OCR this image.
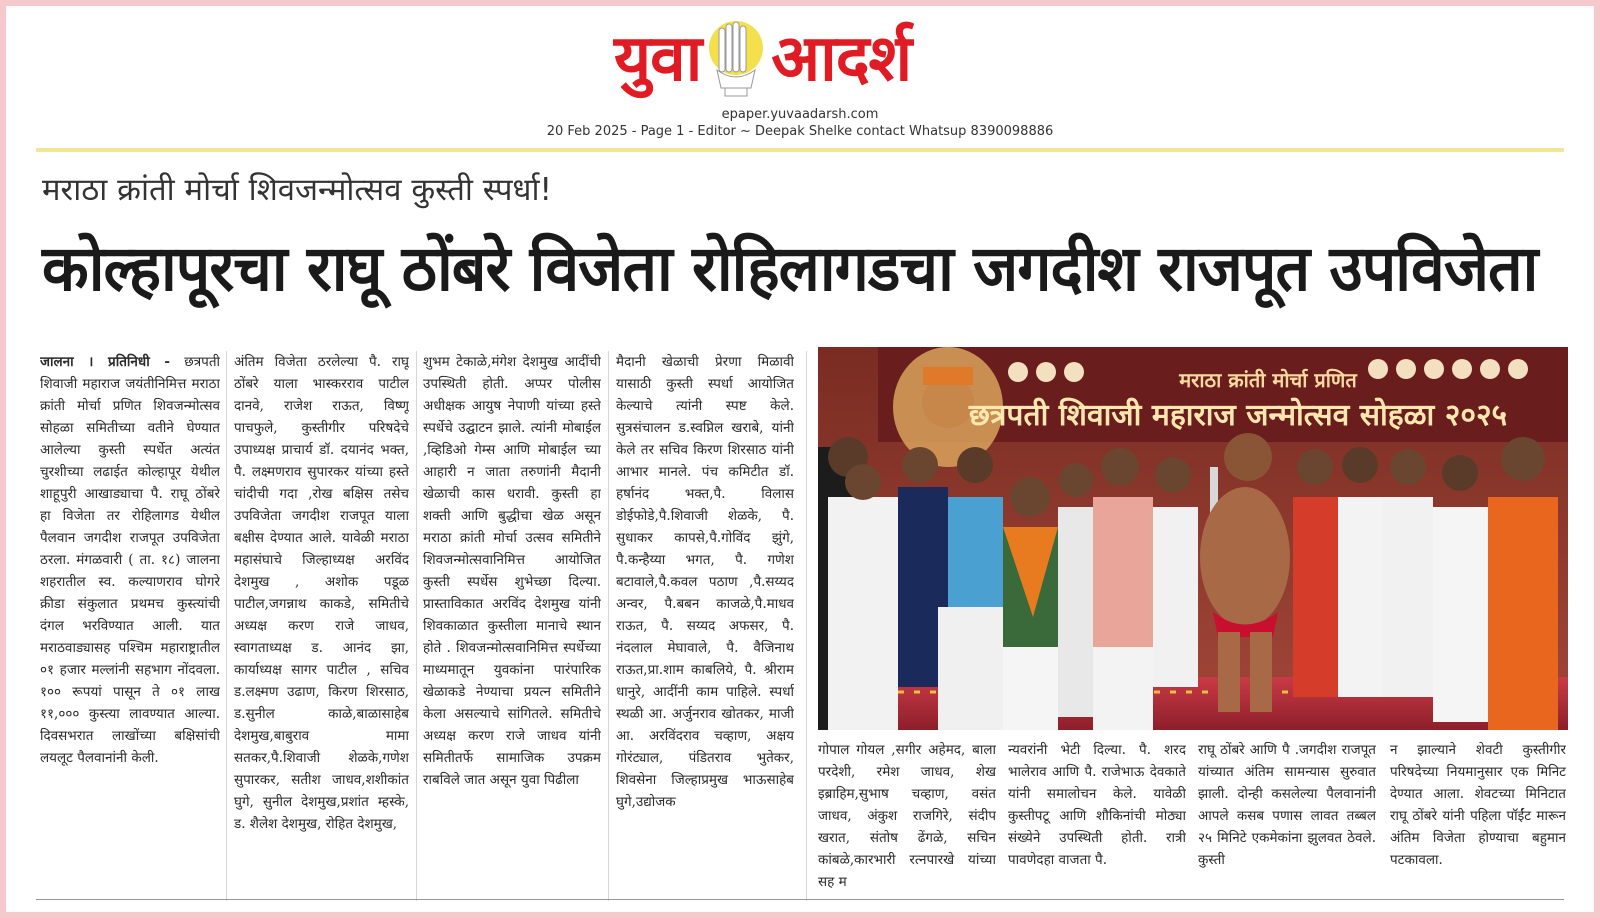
युवा आदर्श
epaper.yuvaadarsh.com
20 Feb 2025 - Page 1 - Editor ~ Deepak Shelke contact Whatsup 8390098886
मराठा क्रांती मोर्चा शिवजन्मोत्सव कुस्ती स्पर्धा!
कोल्हापूरचा राघू ठोंबरे विजेता रोहिलागडचा जगदीश राजपूत उपविजेता

जालना । प्रतिनिधी - छत्रपती शिवाजी महाराज जयंतीनिमित्त मराठा क्रांती मोर्चा प्रणित शिवजन्मोत्सव सोहळा समितीच्या वतीने घेण्यात आलेल्या कुस्ती स्पर्धेत अत्यंत चुरशीच्या लढाईत कोल्हापूर येथील शाहूपुरी आखाड्याचा पै. राघू ठोंबरे हा विजेता तर रोहिलागड येथील पैलवान जगदीश राजपूत उपविजेता ठरला. मंगळवारी ( ता. १८) जालना शहरातील स्व. कल्याणराव घोगरे क्रीडा संकुलात प्रथमच कुस्त्यांची दंगल भरविण्यात आली. यात मराठवाड्यासह पश्चिम महाराष्ट्रातील ०१ हजार मल्लांनी सहभाग नोंदवला. १०० रूपयां पासून ते ०१ लाख ११,००० कुस्त्या लावण्यात आल्या. दिवसभरात लाखोंच्या बक्षिसांची लयलूट पैलवानांनी केली.

अंतिम विजेता ठरलेल्या पै. राघू ठोंबरे याला भास्करराव पाटील दानवे, राजेश राऊत, विष्णू पाचफुले, कुस्तीगीर परिषदेचे उपाध्यक्ष प्राचार्य डॉ. दयानंद भक्त, पै. लक्ष्मणराव सुपारकर यांच्या हस्ते चांदीची गदा ,रोख बक्षिस तसेच उपविजेता जगदीश राजपूत याला बक्षीस देण्यात आले. यावेळी मराठा महासंघाचे जिल्हाध्यक्ष अरविंद देशमुख , अशोक पडूळ पाटील,जगन्नाथ काकडे, समितीचे अध्यक्ष करण राजे जाधव, स्वागताध्यक्ष ड. आनंद झा, कार्याध्यक्ष सागर पाटील , सचिव ड.लक्ष्मण उढाण, किरण शिरसाठ, ड.सुनील काळे,बाळासाहेब देशमुख,बाबुराव मामा सतकर,पै.शिवाजी शेळके,गणेश सुपारकर, सतीश जाधव,शशीकांत घुगे, सुनील देशमुख,प्रशांत म्हस्के, ड. शैलेश देशमुख, रोहित देशमुख,

शुभम टेकाळे,मंगेश देशमुख आदींची उपस्थिती होती. अप्पर पोलीस अधीक्षक आयुष नेपाणी यांच्या हस्ते स्पर्धेचे उद्घाटन झाले. त्यांनी मोबाईल ,व्हिडिओ गेम्स आणि मोबाईल च्या आहारी न जाता तरुणांनी मैदानी खेळाची कास धरावी. कुस्ती हा शक्ती आणि बुद्धीचा खेळ असून मराठा क्रांती मोर्चा उत्सव समितीने शिवजन्मोत्सवानिमित्त आयोजित कुस्ती स्पर्धेस शुभेच्छा दिल्या. प्रास्ताविकात अरविंद देशमुख यांनी शिवकाळात कुस्तीला मानाचे स्थान होते . शिवजन्मोत्सवानिमित्त स्पर्धेच्या माध्यमातून युवकांना पारंपारिक खेळाकडे नेण्याचा प्रयत्न समितीने केला असल्याचे सांगितले. समितीचे अध्यक्ष करण राजे जाधव यांनी समितीतर्फे सामाजिक उपक्रम राबविले जात असून युवा पिढीला

मैदानी खेळाची प्रेरणा मिळावी यासाठी कुस्ती स्पर्धा आयोजित केल्याचे त्यांनी स्पष्ट केले. सुत्रसंचालन ड.स्वप्निल खराबे, यांनी केले तर सचिव किरण शिरसाठ यांनी आभार मानले. पंच कमिटीत डॉ. हर्षानंद भक्त,पै. विलास डोईफोडे,पै.शिवाजी शेळके, पै. सुधाकर कापसे,पै.गोविंद झुंगे, पै.कन्हैय्या भगत, पै. गणेश बटावाले,पै.कवल पठाण ,पै.सय्यद अन्वर, पै.बबन काजळे,पै.माधव राऊत, पै. सय्यद अफसर, पै. नंदलाल मेघावाले, पै. वैजिनाथ राऊत,प्रा.शाम काबलिये, पै. श्रीराम धानुरे, आदींनी काम पाहिले. स्पर्धा स्थळी आ. अर्जुनराव खोतकर, माजी आ. अरविंदराव चव्हाण, अक्षय गोरंट्याल, पंडितराव भुतेकर, शिवसेना जिल्हाप्रमुख भाऊसाहेब घुगे,उद्योजक

मराठा क्रांती मोर्चा प्रणित
छत्रपती शिवाजी महाराज जन्मोत्सव सोहळा २०२५

गोपाल गोयल ,सगीर अहेमद, बाला परदेशी, रमेश जाधव, शेख इब्राहिम,सुभाष चव्हाण, वसंत जाधव, अंकुश राजगिरे, संदीप खरात, संतोष ढेंगळे, सचिन कांबळे,कारभारी रत्नपारखे यांच्या सह म

न्यवरांनी भेटी दिल्या. पै. शरद भालेराव आणि पै. राजेभाऊ देवकाते यांनी समालोचन केले. यावेळी कुस्तीपटू आणि शौकिनांची मोठ्या संख्येने उपस्थिती होती. रात्री पावणेदहा वाजता पै.

राघू ठोंबरे आणि पै .जगदीश राजपूत यांच्यात अंतिम सामन्यास सुरुवात झाली. दोन्ही कसलेल्या पैलवानांनी आपले कसब पणास लावत तब्बल २५ मिनिटे एकमेकांना झुलवत ठेवले. कुस्ती

न झाल्याने शेवटी कुस्तीगीर परिषदेच्या नियमानुसार एक मिनिट देण्यात आला. शेवटच्या मिनिटात राघू ठोंबरे यांनी पहिला पॉईंट मारून अंतिम विजेता होण्याचा बहुमान पटकावला.
